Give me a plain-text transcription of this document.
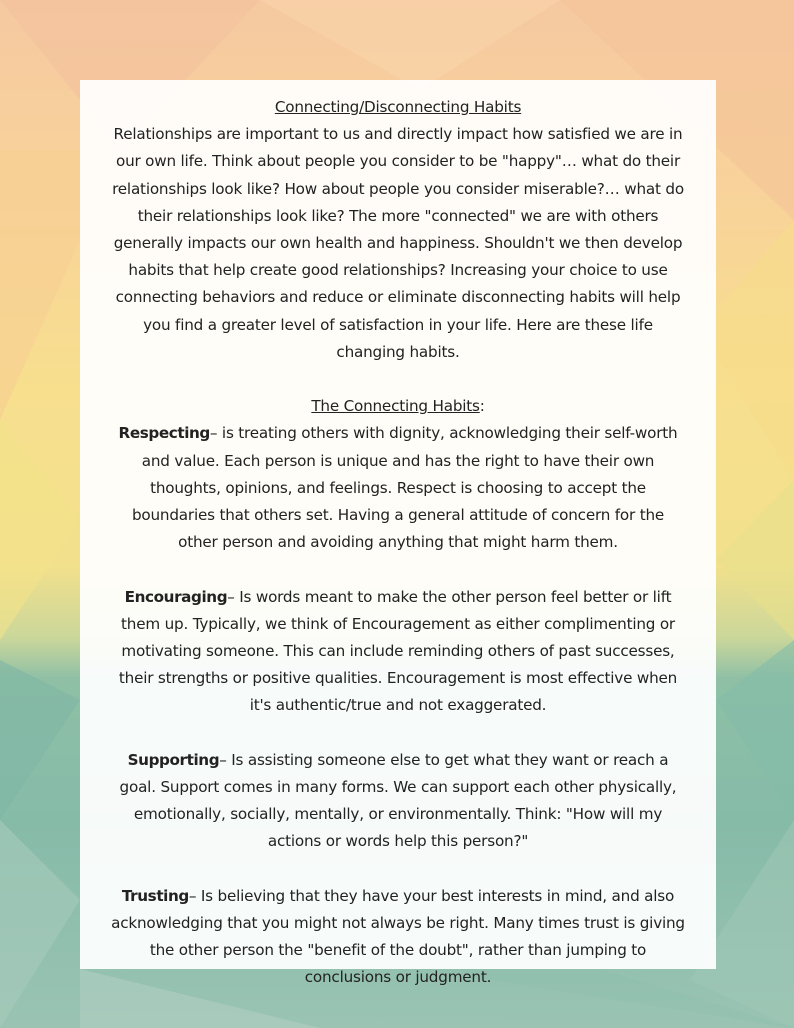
Connecting/Disconnecting Habits

Relationships are important to us and directly impact how satisfied we are in our own life. Think about people you consider to be "happy"… what do their relationships look like? How about people you consider miserable?… what do their relationships look like? The more "connected" we are with others generally impacts our own health and happiness. Shouldn't we then develop habits that help create good relationships? Increasing your choice to use connecting behaviors and reduce or eliminate disconnecting habits will help you find a greater level of satisfaction in your life. Here are these life changing habits.

The Connecting Habits:

Respecting– is treating others with dignity, acknowledging their self-worth and value. Each person is unique and has the right to have their own thoughts, opinions, and feelings. Respect is choosing to accept the boundaries that others set. Having a general attitude of concern for the other person and avoiding anything that might harm them.

Encouraging– Is words meant to make the other person feel better or lift them up. Typically, we think of Encouragement as either complimenting or motivating someone. This can include reminding others of past successes, their strengths or positive qualities. Encouragement is most effective when it's authentic/true and not exaggerated.

Supporting– Is assisting someone else to get what they want or reach a goal. Support comes in many forms. We can support each other physically, emotionally, socially, mentally, or environmentally. Think: "How will my actions or words help this person?"

Trusting– Is believing that they have your best interests in mind, and also acknowledging that you might not always be right. Many times trust is giving the other person the "benefit of the doubt", rather than jumping to conclusions or judgment.
